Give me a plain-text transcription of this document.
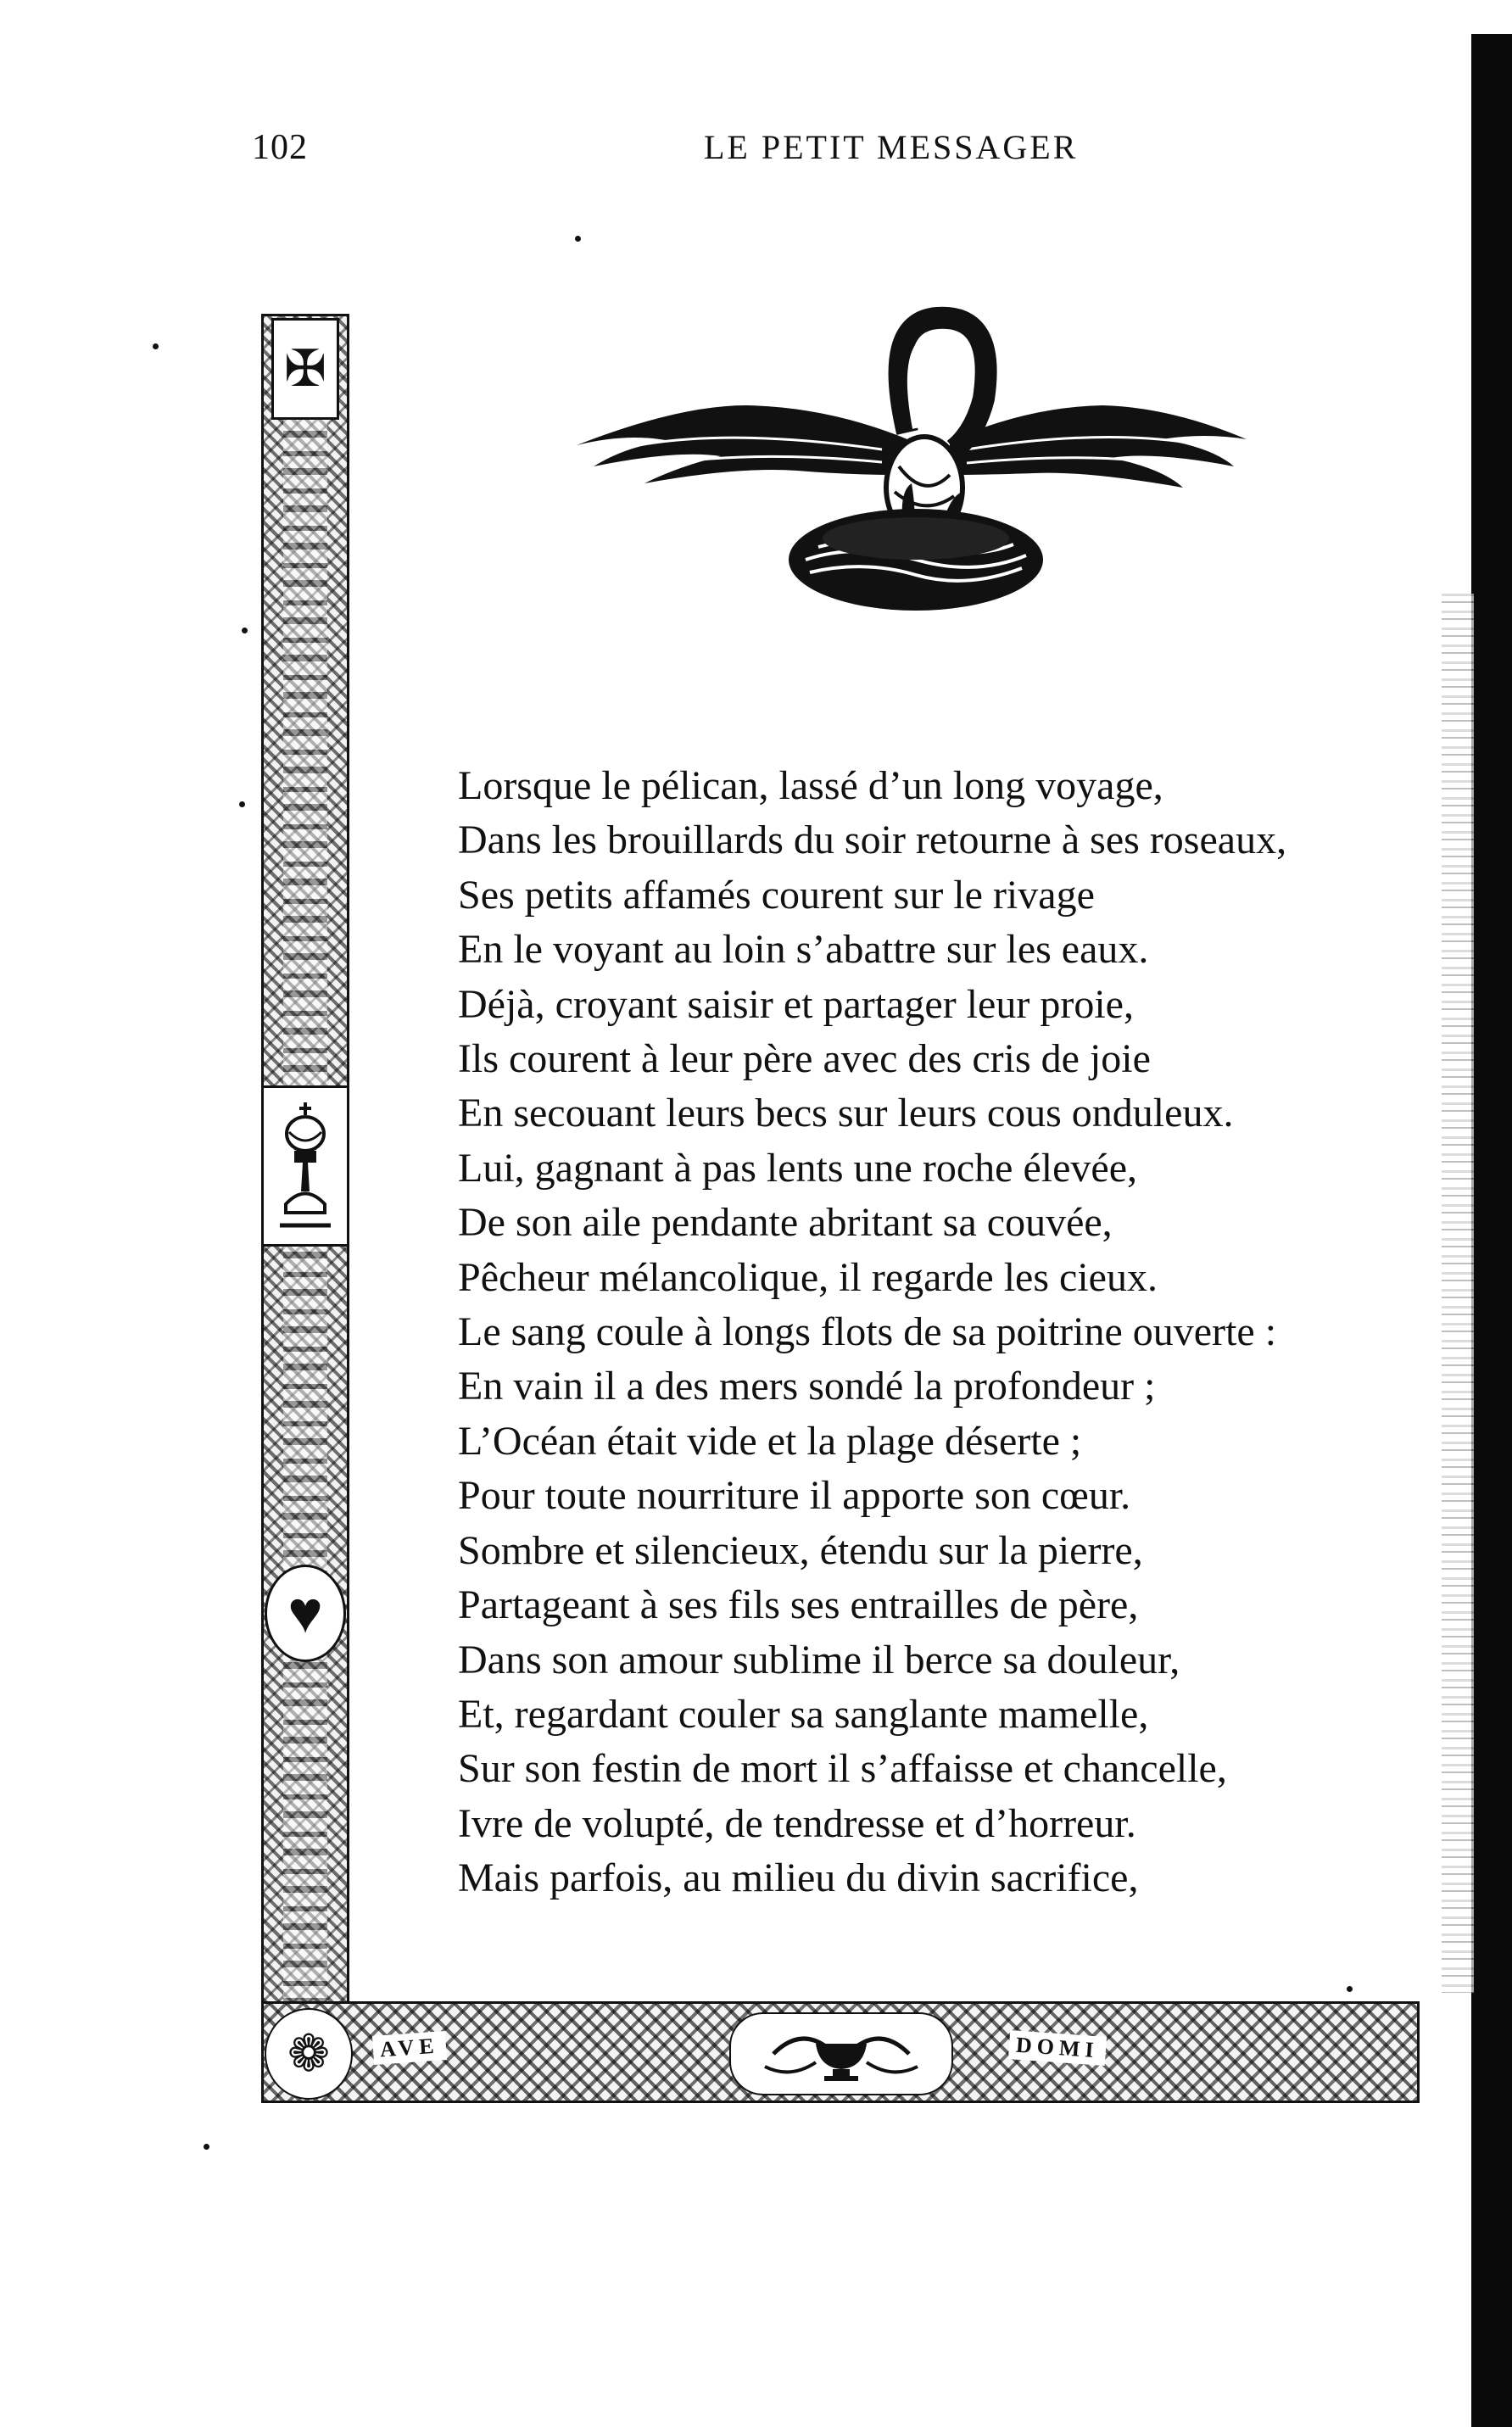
102	LE PETIT MESSAGER
✠
♥
❁	AVE	DOMI
Lorsque le pélican, lassé d’un long voyage,
Dans les brouillards du soir retourne à ses roseaux,
Ses petits affamés courent sur le rivage
En le voyant au loin s’abattre sur les eaux.
Déjà, croyant saisir et partager leur proie,
Ils courent à leur père avec des cris de joie
En secouant leurs becs sur leurs cous onduleux.
Lui, gagnant à pas lents une roche élevée,
De son aile pendante abritant sa couvée,
Pêcheur mélancolique, il regarde les cieux.
Le sang coule à longs flots de sa poitrine ouverte :
En vain il a des mers sondé la profondeur ;
L’Océan était vide et la plage déserte ;
Pour toute nourriture il apporte son cœur.
Sombre et silencieux, étendu sur la pierre,
Partageant à ses fils ses entrailles de père,
Dans son amour sublime il berce sa douleur,
Et, regardant couler sa sanglante mamelle,
Sur son festin de mort il s’affaisse et chancelle,
Ivre de volupté, de tendresse et d’horreur.
Mais parfois, au milieu du divin sacrifice,
